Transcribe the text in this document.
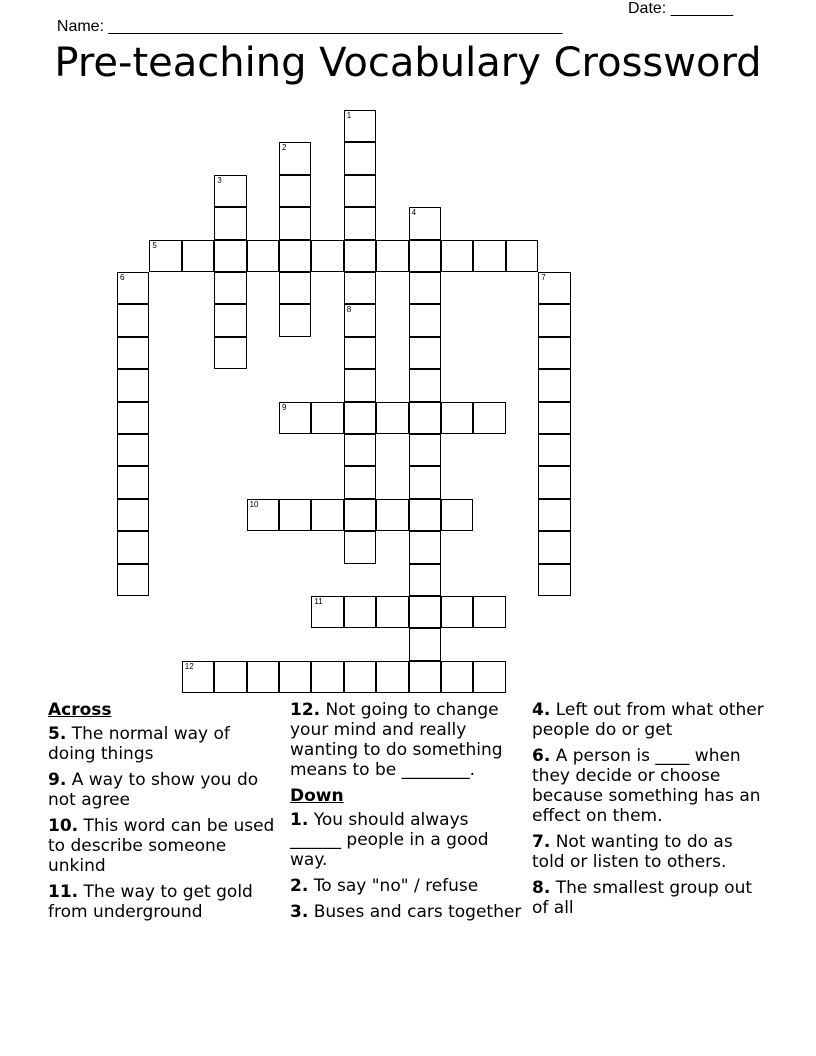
Name: ___________________________________________________

Date: _______

Pre-teaching Vocabulary Crossword
1
8
2
3
4
5
6	7
9
10
11
12
Across
5. The normal way of doing things
9. A way to show you do not agree
10. This word can be used to describe someone unkind
11. The way to get gold from underground
12. Not going to change your mind and really wanting to do something means to be ________.
Down
1. You should always ______ people in a good way.
2. To say "no" / refuse
3. Buses and cars together
4. Left out from what other people do or get
6. A person is ____ when they decide or choose because something has an effect on them.
7. Not wanting to do as told or listen to others.
8. The smallest group out of all
